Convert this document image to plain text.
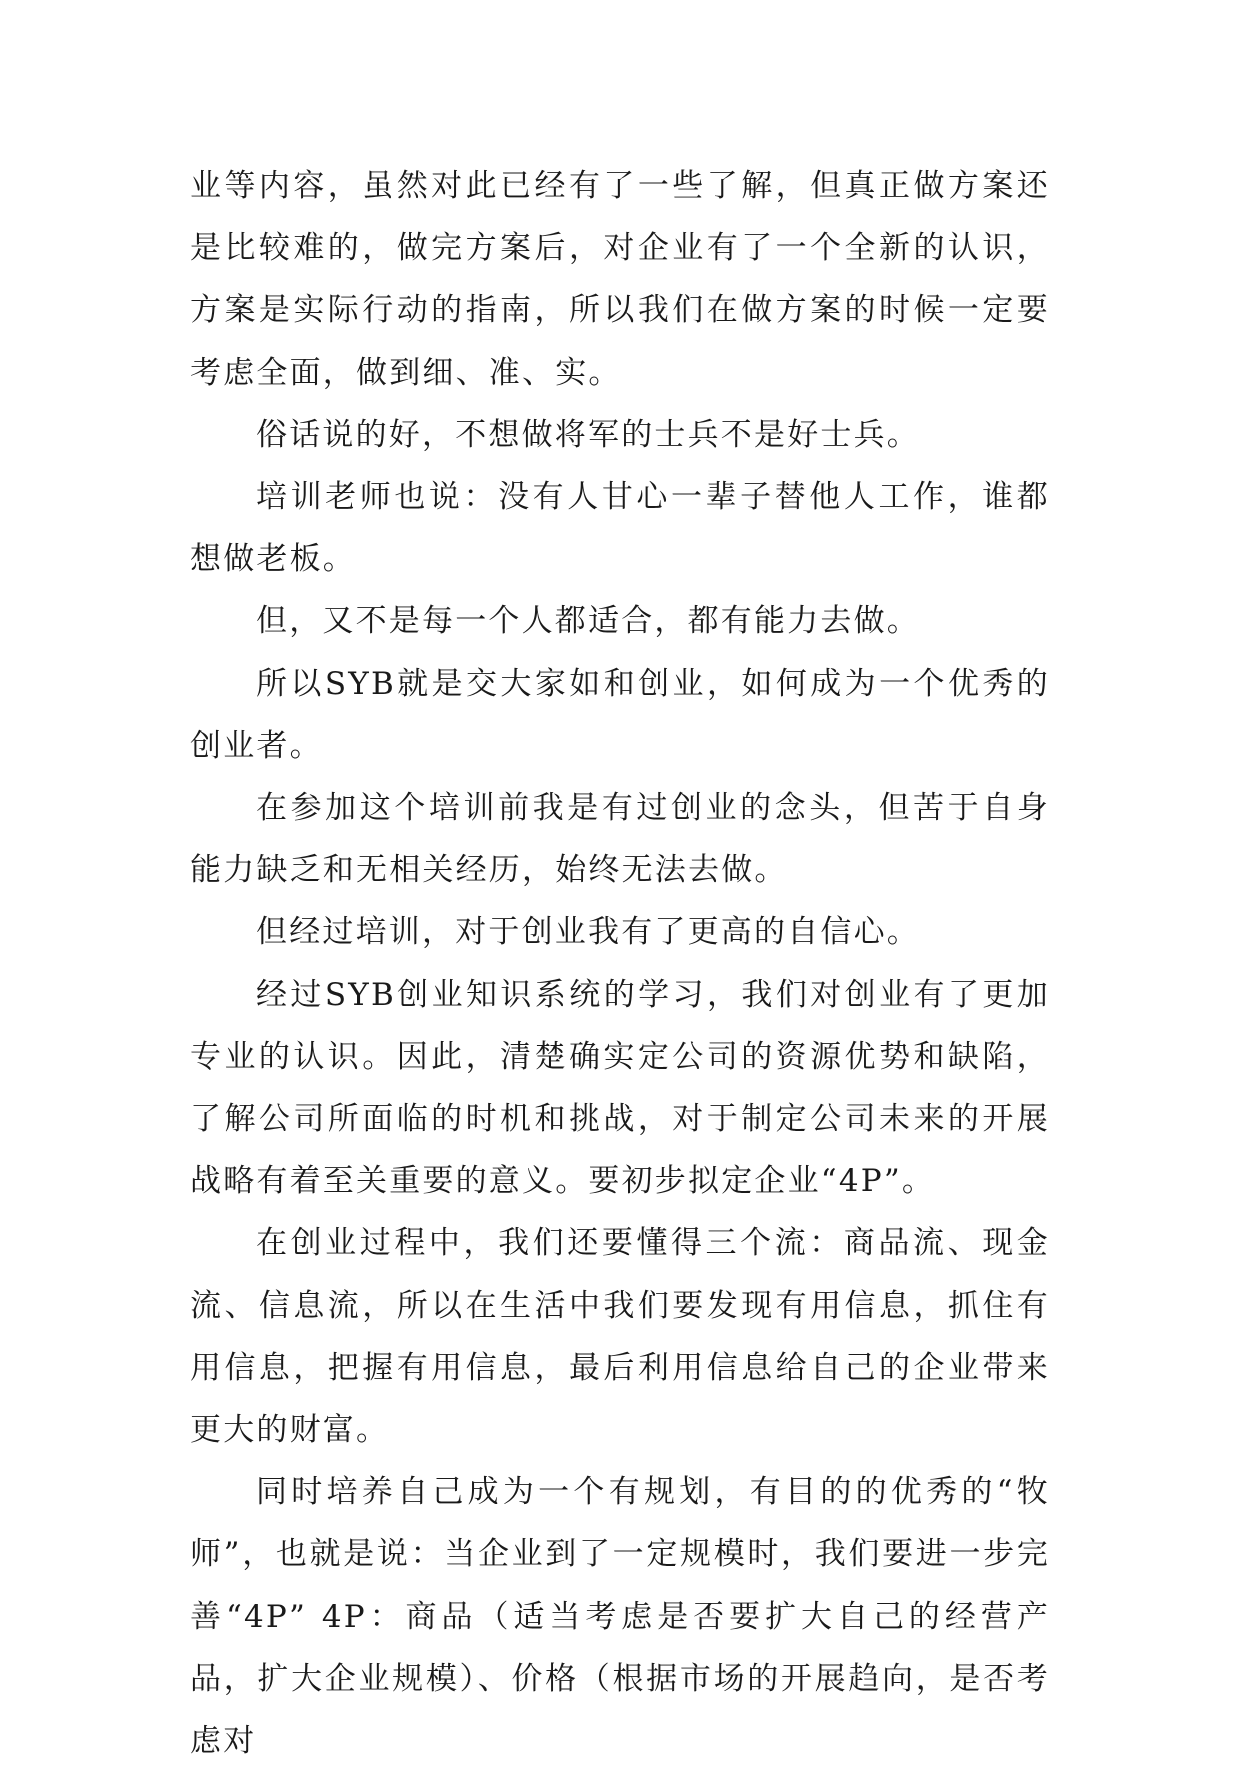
业等内容，虽然对此已经有了一些了解，但真正做方案还是比较难的，做完方案后，对企业有了一个全新的认识，方案是实际行动的指南，所以我们在做方案的时候一定要考虑全面，做到细、准、实。

俗话说的好，不想做将军的士兵不是好士兵。

培训老师也说：没有人甘心一辈子替他人工作，谁都想做老板。

但，又不是每一个人都适合，都有能力去做。

所以SYB就是交大家如和创业，如何成为一个优秀的创业者。

在参加这个培训前我是有过创业的念头，但苦于自身能力缺乏和无相关经历，始终无法去做。

但经过培训，对于创业我有了更高的自信心。

经过SYB创业知识系统的学习，我们对创业有了更加专业的认识。因此，清楚确实定公司的资源优势和缺陷，了解公司所面临的时机和挑战，对于制定公司未来的开展战略有着至关重要的意义。要初步拟定企业“4P”。

在创业过程中，我们还要懂得三个流：商品流、现金流、信息流，所以在生活中我们要发现有用信息，抓住有用信息，把握有用信息，最后利用信息给自己的企业带来更大的财富。

同时培养自己成为一个有规划，有目的的优秀的“牧师”，也就是说：当企业到了一定规模时，我们要进一步完善“4P” 4P：商品（适当考虑是否要扩大自己的经营产品，扩大企业规模）、价格（根据市场的开展趋向，是否考虑对
